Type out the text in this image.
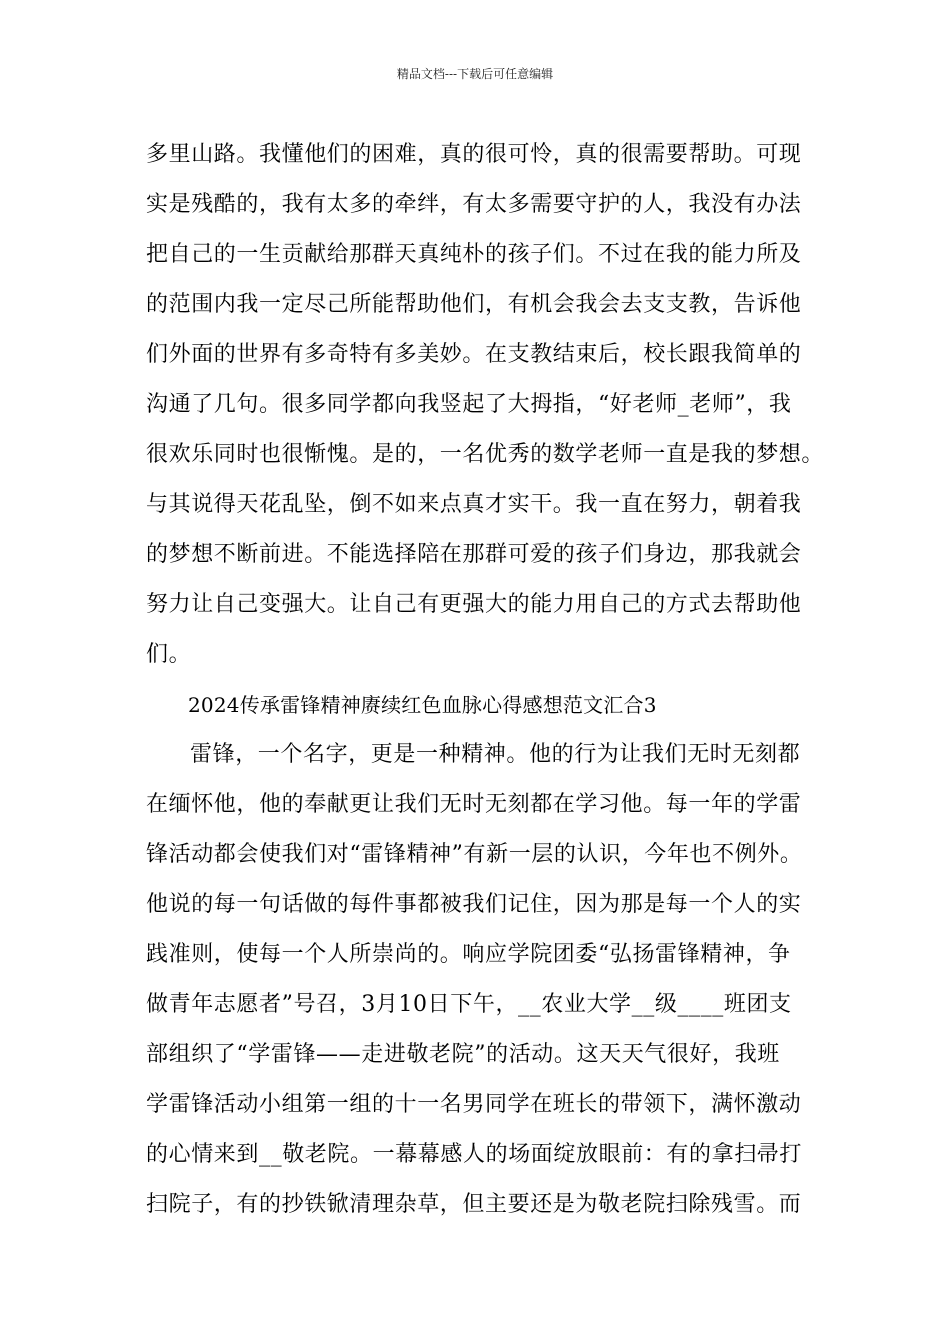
精品文档---下载后可任意编辑
多里山路。我懂他们的困难，真的很可怜，真的很需要帮助。可现
实是残酷的，我有太多的牵绊，有太多需要守护的人，我没有办法
把自己的一生贡献给那群天真纯朴的孩子们。不过在我的能力所及
的范围内我一定尽己所能帮助他们，有机会我会去支支教，告诉他
们外面的世界有多奇特有多美妙。在支教结束后，校长跟我简单的
沟通了几句。很多同学都向我竖起了大拇指，“好老师_老师”，我
很欢乐同时也很惭愧。是的，一名优秀的数学老师一直是我的梦想。
与其说得天花乱坠，倒不如来点真才实干。我一直在努力，朝着我
的梦想不断前进。不能选择陪在那群可爱的孩子们身边，那我就会
努力让自己变强大。让自己有更强大的能力用自己的方式去帮助他
们。
2024传承雷锋精神赓续红色血脉心得感想范文汇合3
雷锋，一个名字，更是一种精神。他的行为让我们无时无刻都
在缅怀他，他的奉献更让我们无时无刻都在学习他。每一年的学雷
锋活动都会使我们对“雷锋精神”有新一层的认识，今年也不例外。
他说的每一句话做的每件事都被我们记住，因为那是每一个人的实
践准则，使每一个人所崇尚的。响应学院团委“弘扬雷锋精神，争
做青年志愿者”号召，3月10日下午，__农业大学__级____班团支
部组织了“学雷锋——走进敬老院”的活动。这天天气很好，我班
学雷锋活动小组第一组的十一名男同学在班长的带领下，满怀激动
的心情来到__敬老院。一幕幕感人的场面绽放眼前：有的拿扫帚打
扫院子，有的抄铁锨清理杂草，但主要还是为敬老院扫除残雪。而
